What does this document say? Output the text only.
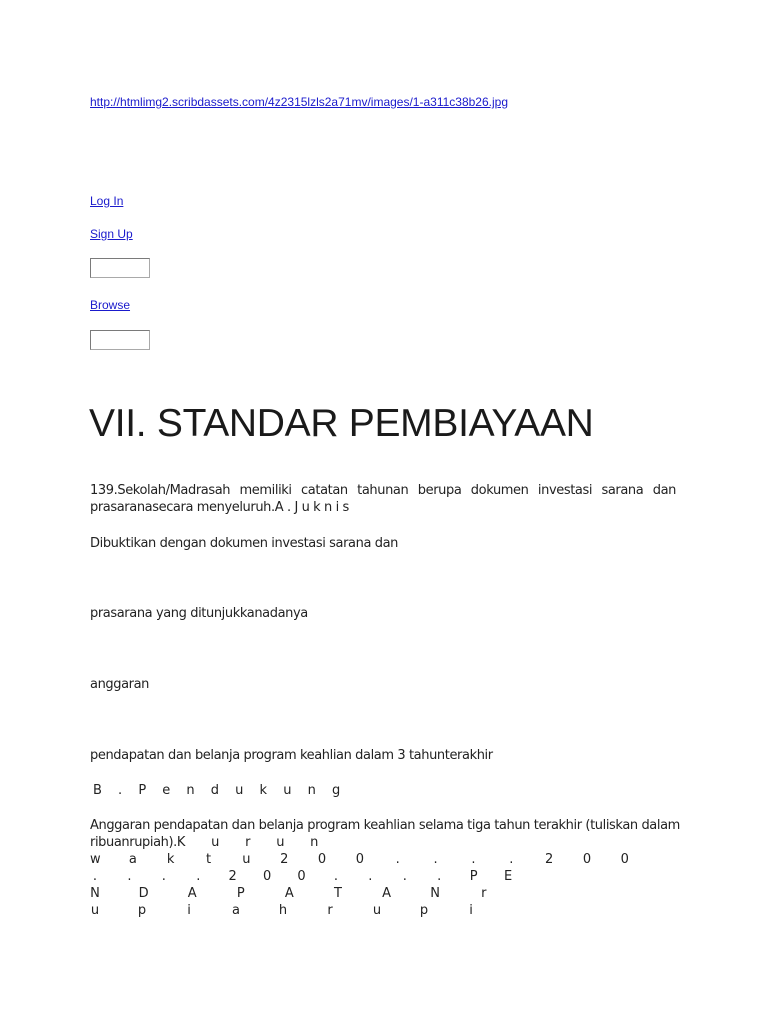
http://htmlimg2.scribdassets.com/4z2315lzls2a71mv/images/1-a311c38b26.jpg
Log In
Sign Up
Browse
VII. STANDAR PEMBIAYAAN
139.Sekolah/Madrasah memiliki catatan tahunan berupa dokumen investasi sarana dan prasaranasecara menyeluruh.A . J u k n i s
Dibuktikan dengan dokumen investasi sarana dan
prasarana yang ditunjukkanadanya
anggaran
pendapatan dan belanja program keahlian dalam 3 tahunterakhir
B . P e n d u k u n g
Anggaran pendapatan dan belanja program keahlian selama tiga tahun terakhir (tuliskan dalam
ribuanrupiah).K       u       r       u       n
w a k t u 2 0 0 .	.	.	. 2 0 0
. . . . 2 0 0 . . . . P E
N	D	A	P	A	T	A	N	r
u	p	i	a	h	r	u	p	i
